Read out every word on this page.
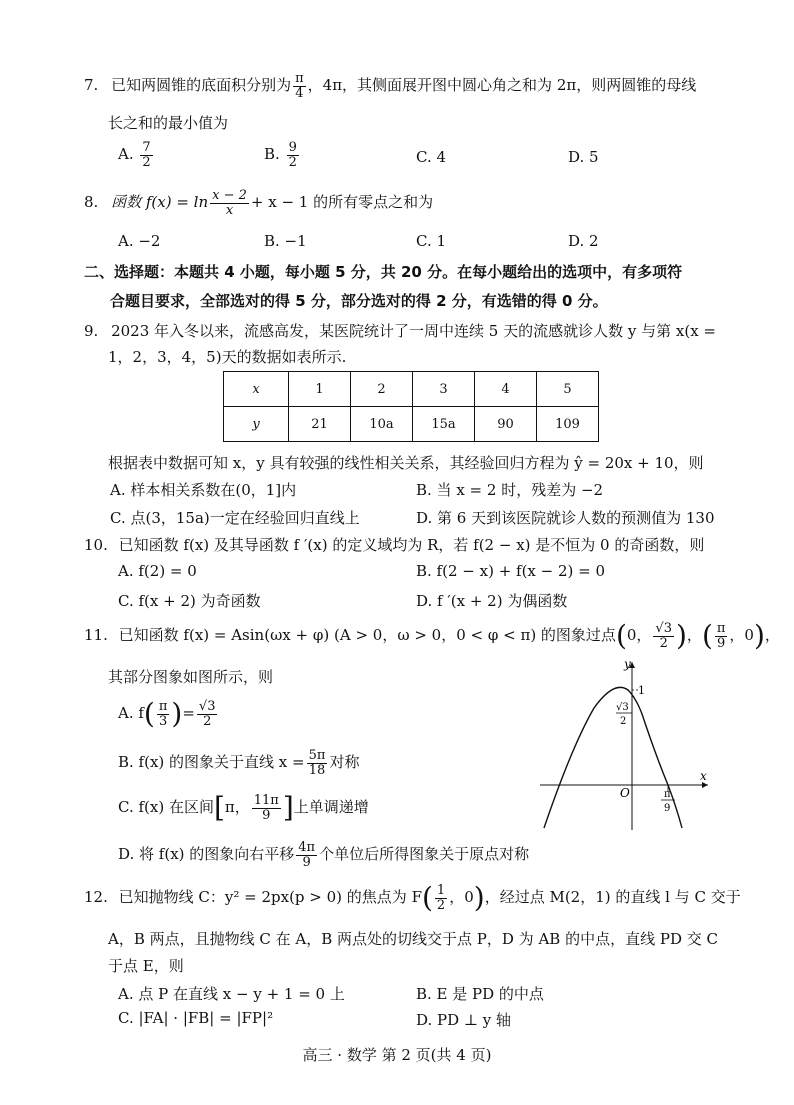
7. 已知两圆锥的底面积分别为 $\frac{\pi}{4}$ ，4π，其侧面展开图中圆心角之和为 2π，则两圆锥的母线
长之和的最小值为
A. $\frac{7}{2}$	B. $\frac{9}{2}$	C. 4	D. 5
8. 函数 $f(x) = \ln \frac{x - 2}{x} + x - 1$ 的所有零点之和为
A. −2	B. −1	C. 1	D. 2
二、选择题：本题共 4 小题，每小题 5 分，共 20 分。在每小题给出的选项中，有多项符
合题目要求，全部选对的得 5 分，部分选对的得 2 分，有选错的得 0 分。
9. 2023 年入冬以来，流感高发，某医院统计了一周中连续 5 天的流感就诊人数 y 与第 x(x =
1，2，3，4，5)天的数据如表所示.
x	1	2	3	4	5
y	21	10a	15a	90	109
根据表中数据可知 x，y 具有较强的线性相关关系，其经验回归方程为 ŷ = 20x + 10，则
A. 样本相关系数在(0，1]内	B. 当 x = 2 时，残差为 −2
C. 点(3，15a)一定在经验回归直线上	D. 第 6 天到该医院就诊人数的预测值为 130
10. 已知函数 f(x) 及其导函数 f ′(x) 的定义域均为 R，若 f(2 − x) 是不恒为 0 的奇函数，则
A. f(2) = 0	B. f(2 − x) + f(x − 2) = 0
C. f(x + 2) 为奇函数	D. f ′(x + 2) 为偶函数
11. 已知函数 f(x) = Asin(ωx + φ) (A > 0，ω > 0，0 < φ < π) 的图象过点(0， $\frac{√3}{2}$ )，( $\frac{\pi}{9}$ ，0)，
其部分图象如图所示，则
A. $f( \frac{\pi}{3}$ )= $\frac{√3}{2}$
B. f(x) 的图象关于直线 $x = \frac{5\pi}{18}$ 对称
C. f(x) 在区间[π， $\frac{11\pi}{9}$ ]上单调递增
D. 将 f(x) 的图象向右平移 $\frac{4\pi}{9}$ 个单位后所得图象关于原点对称
y
x
O
1
√3
2
π
9
12. 已知抛物线 C：y² = 2px(p > 0) 的焦点为 $F( \frac{1}{2}$ ，0)，经过点 M(2，1) 的直线 l 与 C 交于
A，B 两点，且抛物线 C 在 A，B 两点处的切线交于点 P，D 为 AB 的中点，直线 PD 交 C
于点 E，则
A. 点 P 在直线 x − y + 1 = 0 上	B. E 是 PD 的中点
C. |FA| · |FB| = |FP|²	D. PD ⊥ y 轴
高三 · 数学 第 2 页(共 4 页)
